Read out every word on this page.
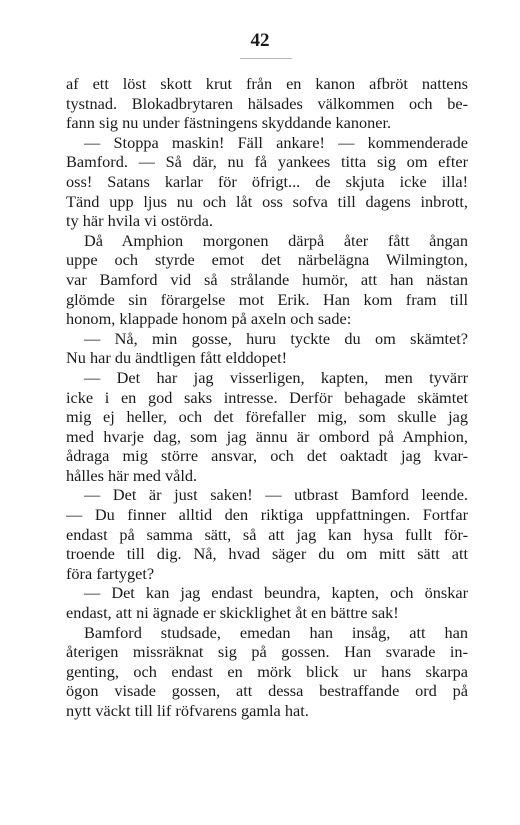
42
af ett löst skott krut från en kanon afbröt nattens
tystnad. Blokadbrytaren hälsades välkommen och be-
fann sig nu under fästningens skyddande kanoner.
— Stoppa maskin! Fäll ankare! — kommenderade
Bamford. — Så där, nu få yankees titta sig om efter
oss! Satans karlar för öfrigt... de skjuta icke illa!
Tänd upp ljus nu och låt oss sofva till dagens inbrott,
ty här hvila vi ostörda.
Då Amphion morgonen därpå åter fått ångan
uppe och styrde emot det närbelägna Wilmington,
var Bamford vid så strålande humör, att han nästan
glömde sin förargelse mot Erik. Han kom fram till
honom, klappade honom på axeln och sade:
— Nå, min gosse, huru tyckte du om skämtet?
Nu har du ändtligen fått elddopet!
— Det har jag visserligen, kapten, men tyvärr
icke i en god saks intresse. Derför behagade skämtet
mig ej heller, och det förefaller mig, som skulle jag
med hvarje dag, som jag ännu är ombord på Amphion,
ådraga mig större ansvar, och det oaktadt jag kvar-
hålles här med våld.
— Det är just saken! — utbrast Bamford leende.
— Du finner alltid den riktiga uppfattningen. Fortfar
endast på samma sätt, så att jag kan hysa fullt för-
troende till dig. Nå, hvad säger du om mitt sätt att
föra fartyget?
— Det kan jag endast beundra, kapten, och önskar
endast, att ni ägnade er skicklighet åt en bättre sak!
Bamford studsade, emedan han insåg, att han
återigen missräknat sig på gossen. Han svarade in-
genting, och endast en mörk blick ur hans skarpa
ögon visade gossen, att dessa bestraffande ord på
nytt väckt till lif röfvarens gamla hat.
